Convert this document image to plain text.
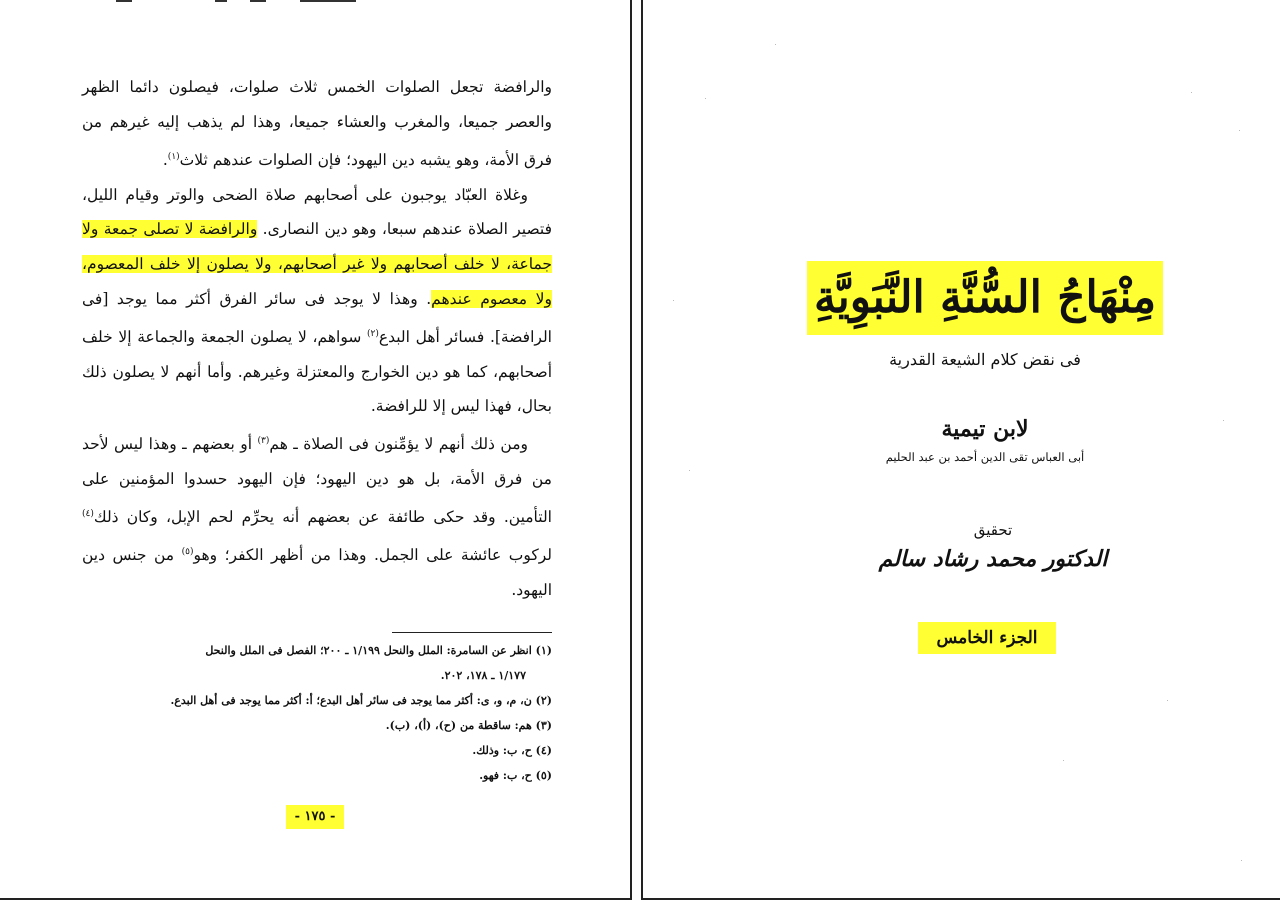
والرافضة تجعل الصلوات الخمس ثلاث صلوات، فيصلون دائما الظهر والعصر جميعا، والمغرب والعشاء جميعا، وهذا لم يذهب إليه غيرهم من فرق الأمة، وهو يشبه دين اليهود؛ فإن الصلوات عندهم ثلاث$^{(١)}$.

وغلاة العبّاد يوجبون على أصحابهم صلاة الضحى والوتر وقيام الليل، فتصير الصلاة عندهم سبعا، وهو دين النصارى. والرافضة لا تصلى جمعة ولا جماعة، لا خلف أصحابهم ولا غير أصحابهم، ولا يصلون إلا خلف المعصوم، ولا معصوم عندهم. وهذا لا يوجد فى سائر الفرق أكثر مما يوجد [فى الرافضة]. فسائر أهل البدع$^{(٢)}$ سواهم، لا يصلون الجمعة والجماعة إلا خلف أصحابهم، كما هو دين الخوارج والمعتزلة وغيرهم. وأما أنهم لا يصلون ذلك بحال، فهذا ليس إلا للرافضة.

ومن ذلك أنهم لا يؤمِّنون فى الصلاة ـ هم$^{(٣)}$ أو بعضهم ـ وهذا ليس لأحد من فرق الأمة، بل هو دين اليهود؛ فإن اليهود حسدوا المؤمنين على التأمين. وقد حكى طائفة عن بعضهم أنه يحرِّم لحم الإبل، وكان ذلك$^{(٤)}$ لركوب عائشة على الجمل. وهذا من أظهر الكفر؛ وهو$^{(٥)}$ من جنس دين اليهود.

(١) انظر عن السامرة: الملل والنحل ١/١٩٩ ـ ٢٠٠؛ الفصل فى الملل والنحل

١/١٧٧ ـ ١٧٨، ٢٠٢.

(٢) ن، م، و، ى: أكثر مما يوجد فى سائر أهل البدع؛ أ: أكثر مما يوجد فى أهل البدع.

(٣) هم: ساقطة من (ح)، (أ)، (ب).

(٤) ح، ب: وذلك.

(٥) ح، ب: فهو.

- ١٧٥ -
مِنْهَاجُ السُّنَّةِ النَّبَوِيَّةِ
فى نقض كلام الشيعة القدرية
لابن تيمية
أبى العباس تقى الدين أحمد بن عبد الحليم
تحقيق
الدكتور محمد رشاد سالم
الجزء الخامس
